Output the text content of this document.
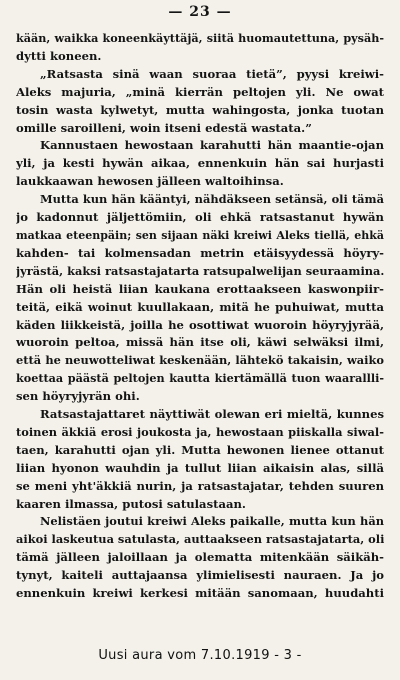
— 23 —
kään, waikka koneenkäyttäjä, siitä huomautettuna, pysäh-
dytti koneen.
„Ratsasta sinä waan suoraa tietä”, pyysi kreiwi-
Aleks majuria, „minä kierrän peltojen yli. Ne owat
tosin wasta kylwetyt, mutta wahingosta, jonka tuotan
omille saroilleni, woin itseni edestä wastata.”
Kannustaen hewostaan karahutti hän maantie-ojan
yli, ja kesti hywän aikaa, ennenkuin hän sai hurjasti
laukkaawan hewosen jälleen waltoihinsa.
Mutta kun hän kääntyi, nähdäkseen setänsä, oli tämä
jo kadonnut jäljettömiin, oli ehkä ratsastanut hywän
matkaa eteenpäin; sen sijaan näki kreiwi Aleks tiellä, ehkä
kahden- tai kolmensadan metrin etäisyydessä höyry-
jyrästä, kaksi ratsastajatarta ratsupalwelijan seuraamina.
Hän oli heistä liian kaukana erottaakseen kaswonpiir-
teitä, eikä woinut kuullakaan, mitä he puhuiwat, mutta
käden liikkeistä, joilla he osottiwat wuoroin höyryjyrää,
wuoroin peltoa, missä hän itse oli, käwi selwäksi ilmi,
että he neuwotteliwat keskenään, lähtekö takaisin, waiko
koettaa päästä peltojen kautta kiertämällä tuon waarallli-
sen höyryjyrän ohi.
Ratsastajattaret näyttiwät olewan eri mieltä, kunnes
toinen äkkiä erosi joukosta ja, hewostaan piiskalla siwal-
taen, karahutti ojan yli. Mutta hewonen lienee ottanut
liian hyonon wauhdin ja tullut liian aikaisin alas, sillä
se meni yht'äkkiä nurin, ja ratsastajatar, tehden suuren
kaaren ilmassa, putosi satulastaan.
Nelistäen joutui kreiwi Aleks paikalle, mutta kun hän
aikoi laskeutua satulasta, auttaakseen ratsastajatarta, oli
tämä jälleen jaloillaan ja olematta mitenkään säikäh-
tynyt, kaiteli auttajaansa ylimielisesti nauraen. Ja jo
ennenkuin kreiwi kerkesi mitään sanomaan, huudahti
Uusi aura vom 7.10.1919 - 3 -
